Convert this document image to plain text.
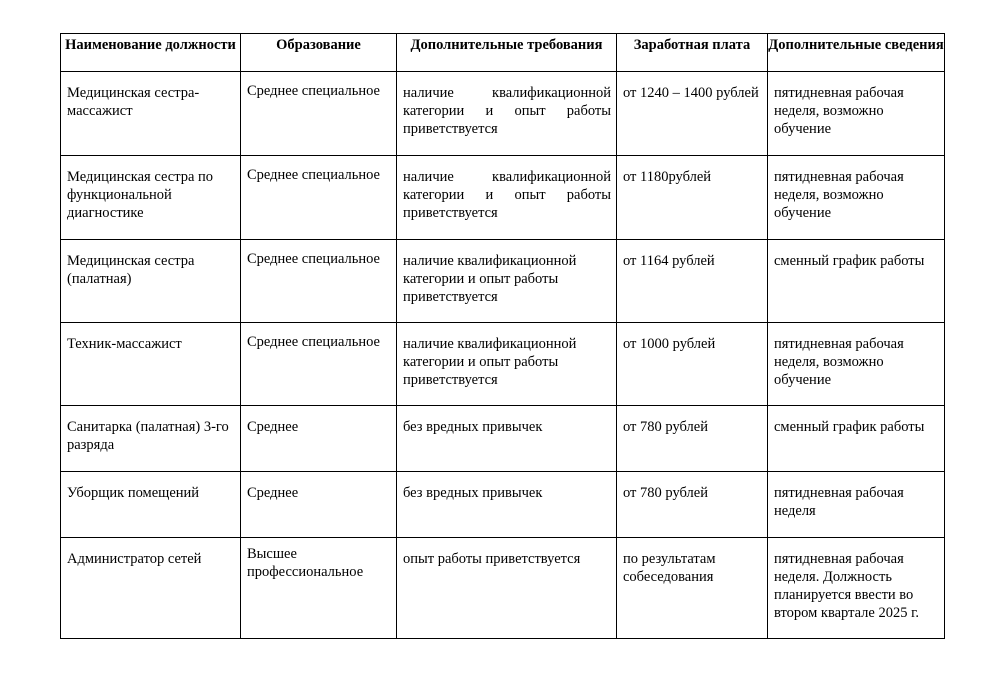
Наименование должности	Образование	Дополнительные требования	Заработная плата	Дополнительные сведения
Медицинская сестра-массажист	Среднее специальное	наличие квалификационной категории и опыт работы приветствуется	от 1240 – 1400 рублей	пятидневная рабочая неделя, возможно обучение
Медицинская сестра по функциональной диагностике	Среднее специальное	наличие квалификационной категории и опыт работы приветствуется	от 1180рублей	пятидневная рабочая неделя, возможно обучение
Медицинская сестра (палатная)	Среднее специальное	наличие квалификационной категории и опыт работы приветствуется	от 1164 рублей	сменный график работы
Техник-массажист	Среднее специальное	наличие квалификационной категории и опыт работы приветствуется	от 1000 рублей	пятидневная рабочая неделя, возможно обучение
Санитарка (палатная) 3-го разряда	Среднее	без вредных привычек	от 780 рублей	сменный график работы
Уборщик помещений	Среднее	без вредных привычек	от 780 рублей	пятидневная рабочая неделя
Администратор сетей	Высшее профессиональное	опыт работы приветствуется	по результатам собеседования	пятидневная рабочая неделя. Должность планируется ввести во втором квартале 2025 г.
